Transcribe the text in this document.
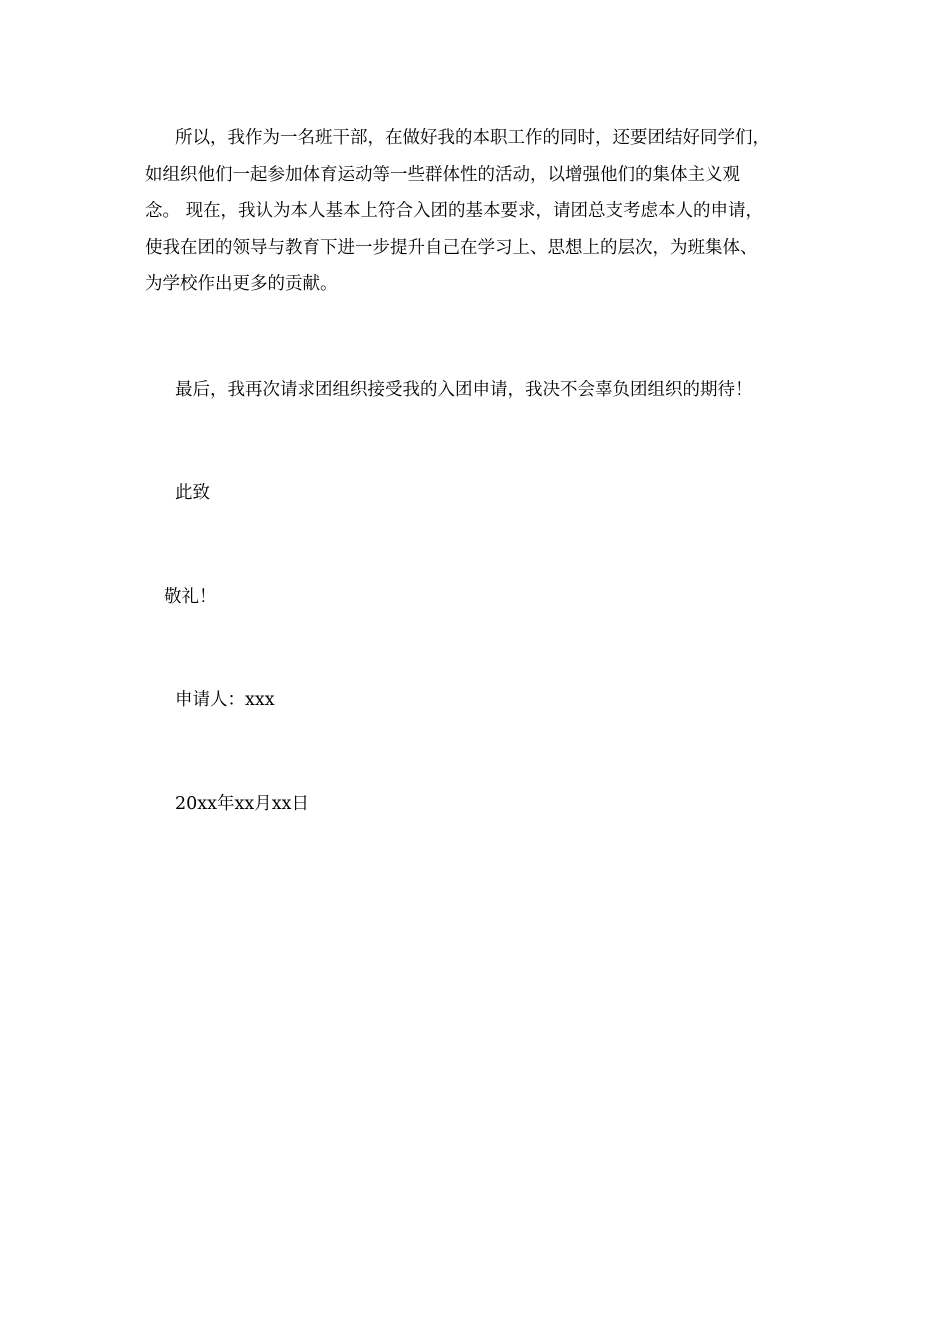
所以，我作为一名班干部，在做好我的本职工作的同时，还要团结好同学们，
如组织他们一起参加体育运动等一些群体性的活动，以增强他们的集体主义观
念。 现在，我认为本人基本上符合入团的基本要求，请团总支考虑本人的申请，
使我在团的领导与教育下进一步提升自己在学习上、思想上的层次，为班集体、
为学校作出更多的贡献。
最后，我再次请求团组织接受我的入团申请，我决不会辜负团组织的期待！
此致
敬礼！
申请人：xxx
20xx年xx月xx日
